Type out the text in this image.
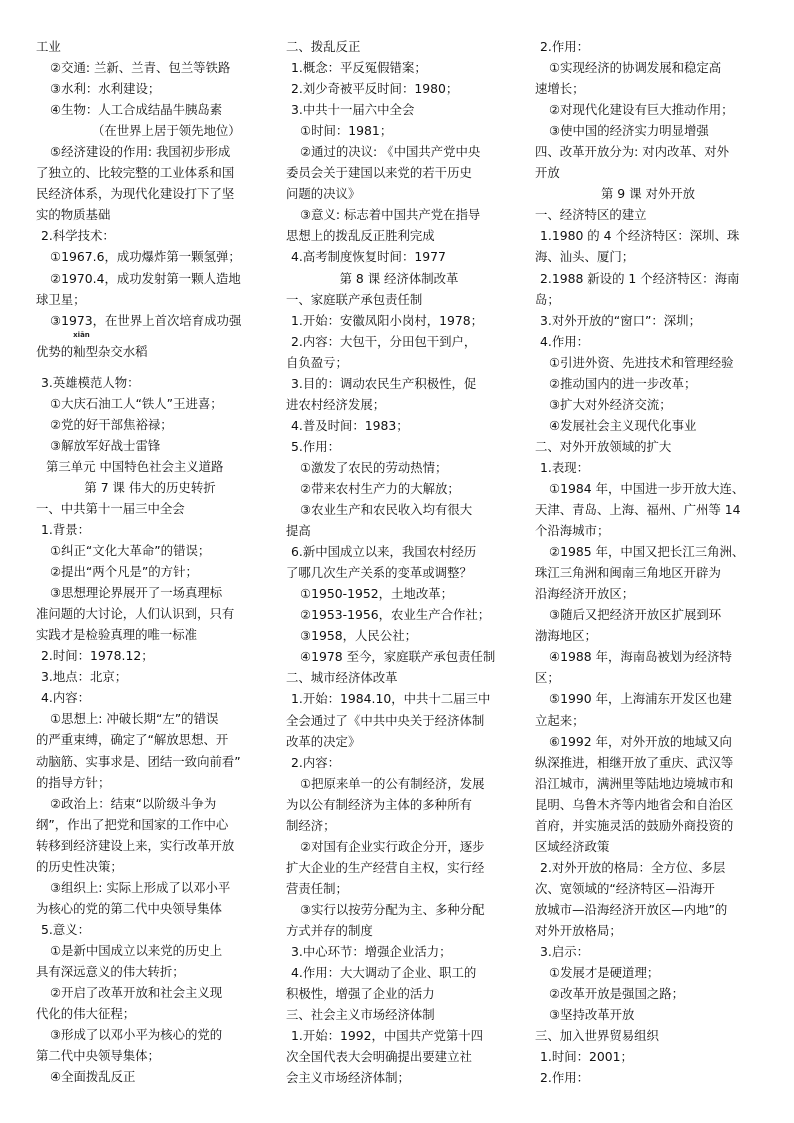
工业
②交通: 兰新、兰青、包兰等铁路
③水利：水利建设；
④生物：人工合成结晶牛胰岛素
（在世界上居于领先地位）
⑤经济建设的作用: 我国初步形成
了独立的、比较完整的工业体系和国
民经济体系，为现代化建设打下了坚
实的物质基础
2.科学技术：
①1967.6，成功爆炸第一颗氢弹；
②1970.4，成功发射第一颗人造地
球卫星；
③1973，在世界上首次培育成功强
优势的
xiān
籼型杂交水稻
3.英雄模范人物：
①大庆石油工人“铁人”王进喜；
②党的好干部焦裕禄；
③解放军好战士雷锋
第三单元 中国特色社会主义道路
第 7 课 伟大的历史转折
一、中共第十一届三中全会
1.背景：
①纠正“文化大革命”的错误；
②提出“两个凡是”的方针；
③思想理论界展开了一场真理标
准问题的大讨论，人们认识到，只有
实践才是检验真理的唯一标准
2.时间：1978.12；
3.地点：北京；
4.内容：
①思想上: 冲破长期“左”的错误
的严重束缚，确定了“解放思想、开
动脑筋、实事求是、团结一致向前看”
的指导方针；
②政治上：结束“以阶级斗争为
纲”，作出了把党和国家的工作中心
转移到经济建设上来，实行改革开放
的历史性决策；
③组织上: 实际上形成了以邓小平
为核心的党的第二代中央领导集体
5.意义：
①是新中国成立以来党的历史上
具有深远意义的伟大转折；
②开启了改革开放和社会主义现
代化的伟大征程；
③形成了以邓小平为核心的党的
第二代中央领导集体；
④全面拨乱反正
二、拨乱反正
1.概念：平反冤假错案；
2.刘少奇被平反时间：1980；
3.中共十一届六中全会
①时间：1981；
②通过的决议: 《中国共产党中央
委员会关于建国以来党的若干历史
问题的决议》
③意义: 标志着中国共产党在指导
思想上的拨乱反正胜利完成
4.高考制度恢复时间：1977
第 8 课 经济体制改革
一、家庭联产承包责任制
1.开始：安徽凤阳小岗村，1978；
2.内容：大包干，分田包干到户，
自负盈亏；
3.目的：调动农民生产积极性，促
进农村经济发展；
4.普及时间：1983；
5.作用：
①激发了农民的劳动热情；
②带来农村生产力的大解放；
③农业生产和农民收入均有很大
提高
6.新中国成立以来，我国农村经历
了哪几次生产关系的变革或调整？
①1950-1952，土地改革；
②1953-1956，农业生产合作社；
③1958，人民公社；
④1978 至今，家庭联产承包责任制
二、城市经济体改革
1.开始：1984.10，中共十二届三中
全会通过了《中共中央关于经济体制
改革的决定》
2.内容：
①把原来单一的公有制经济，发展
为以公有制经济为主体的多种所有
制经济；
②对国有企业实行政企分开，逐步
扩大企业的生产经营自主权，实行经
营责任制；
③实行以按劳分配为主、多种分配
方式并存的制度
3.中心环节：增强企业活力；
4.作用：大大调动了企业、职工的
积极性，增强了企业的活力
三、社会主义市场经济体制
1.开始：1992，中国共产党第十四
次全国代表大会明确提出要建立社
会主义市场经济体制；
2.作用：
①实现经济的协调发展和稳定高
速增长；
②对现代化建设有巨大推动作用；
③使中国的经济实力明显增强
四、改革开放分为: 对内改革、对外
开放
第 9 课 对外开放
一、经济特区的建立
1.1980 的 4 个经济特区：深圳、珠
海、汕头、厦门；
2.1988 新设的 1 个经济特区：海南
岛；
3.对外开放的“窗口”：深圳；
4.作用：
①引进外资、先进技术和管理经验
②推动国内的进一步改革；
③扩大对外经济交流；
④发展社会主义现代化事业
二、对外开放领域的扩大
1.表现：
①1984 年，中国进一步开放大连、
天津、青岛、上海、福州、广州等 14
个沿海城市；
②1985 年，中国又把长江三角洲、
珠江三角洲和闽南三角地区开辟为
沿海经济开放区；
③随后又把经济开放区扩展到环
渤海地区；
④1988 年，海南岛被划为经济特
区；
⑤1990 年，上海浦东开发区也建
立起来；
⑥1992 年，对外开放的地域又向
纵深推进，相继开放了重庆、武汉等
沿江城市，满洲里等陆地边境城市和
昆明、乌鲁木齐等内地省会和自治区
首府，并实施灵活的鼓励外商投资的
区域经济政策
2.对外开放的格局：全方位、多层
次、宽领域的“经济特区—沿海开
放城市—沿海经济开放区—内地”的
对外开放格局；
3.启示：
①发展才是硬道理；
②改革开放是强国之路；
③坚持改革开放
三、加入世界贸易组织
1.时间：2001；
2.作用：
